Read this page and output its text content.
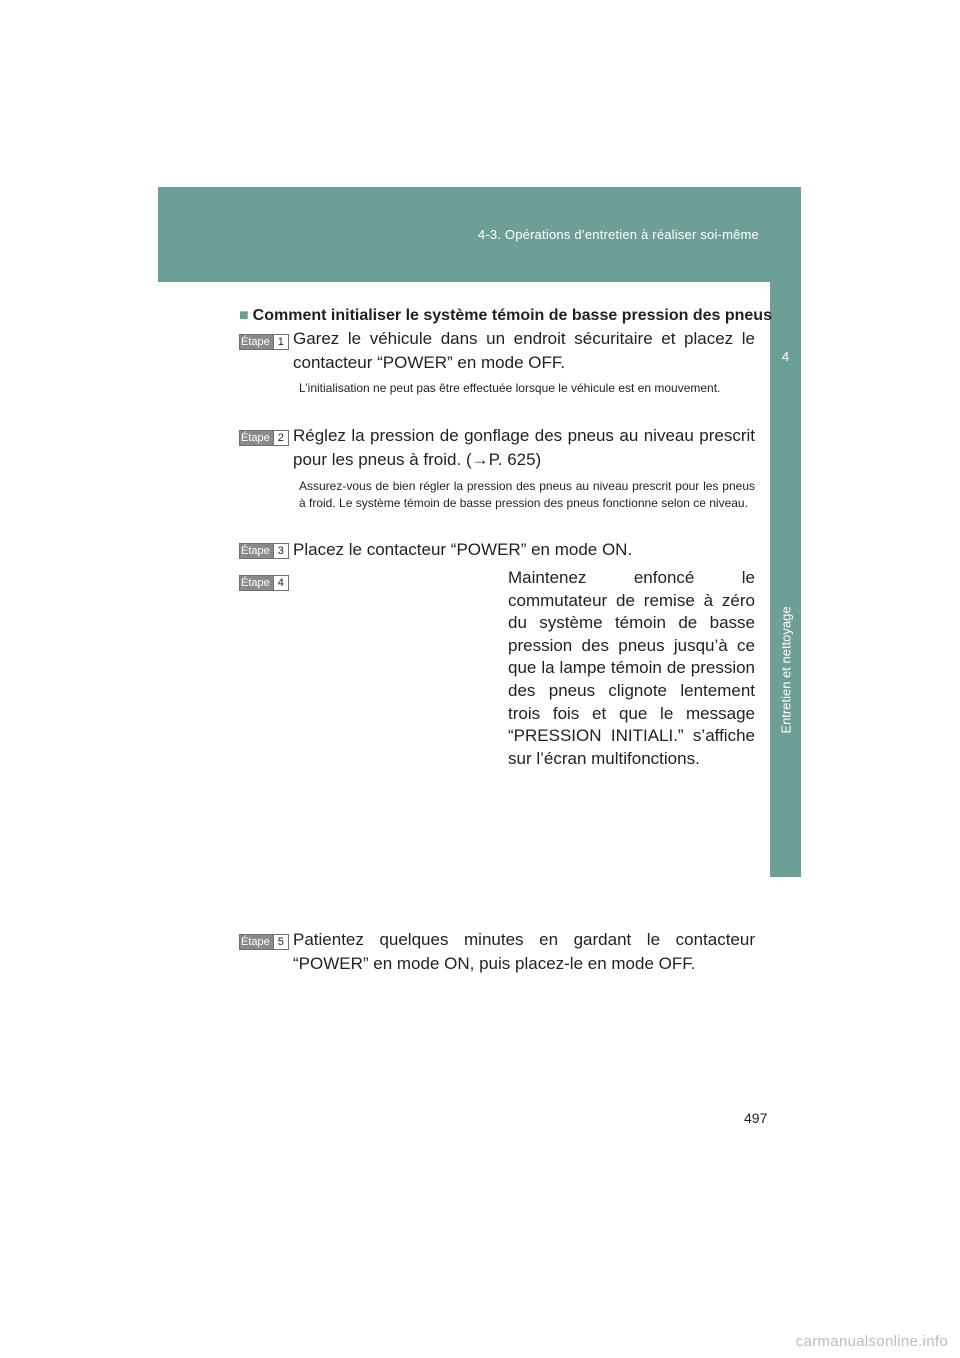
4-3. Opérations d’entretien à réaliser soi-même
4
Entretien et nettoyage
■ Comment initialiser le système témoin de basse pression des pneus
Étape 1 Garez le véhicule dans un endroit sécuritaire et placez le contacteur “POWER” en mode OFF.
L’initialisation ne peut pas être effectuée lorsque le véhicule est en mouvement.
Étape 2 Réglez la pression de gonflage des pneus au niveau prescrit pour les pneus à froid. (→P. 625)
Assurez-vous de bien régler la pression des pneus au niveau prescrit pour les pneus à froid. Le système témoin de basse pression des pneus fonctionne selon ce niveau.
Étape 3 Placez le contacteur “POWER” en mode ON.
Étape 4	Maintenez enfoncé le commutateur de remise à zéro du système témoin de basse pression des pneus jusqu’à ce que la lampe témoin de pression des pneus clignote lentement trois fois et que le message “PRESSION INITIALI.” s’affiche sur l’écran multifonctions.
Étape 5 Patientez quelques minutes en gardant le contacteur “POWER” en mode ON, puis placez-le en mode OFF.
497
carmanualsonline.info
